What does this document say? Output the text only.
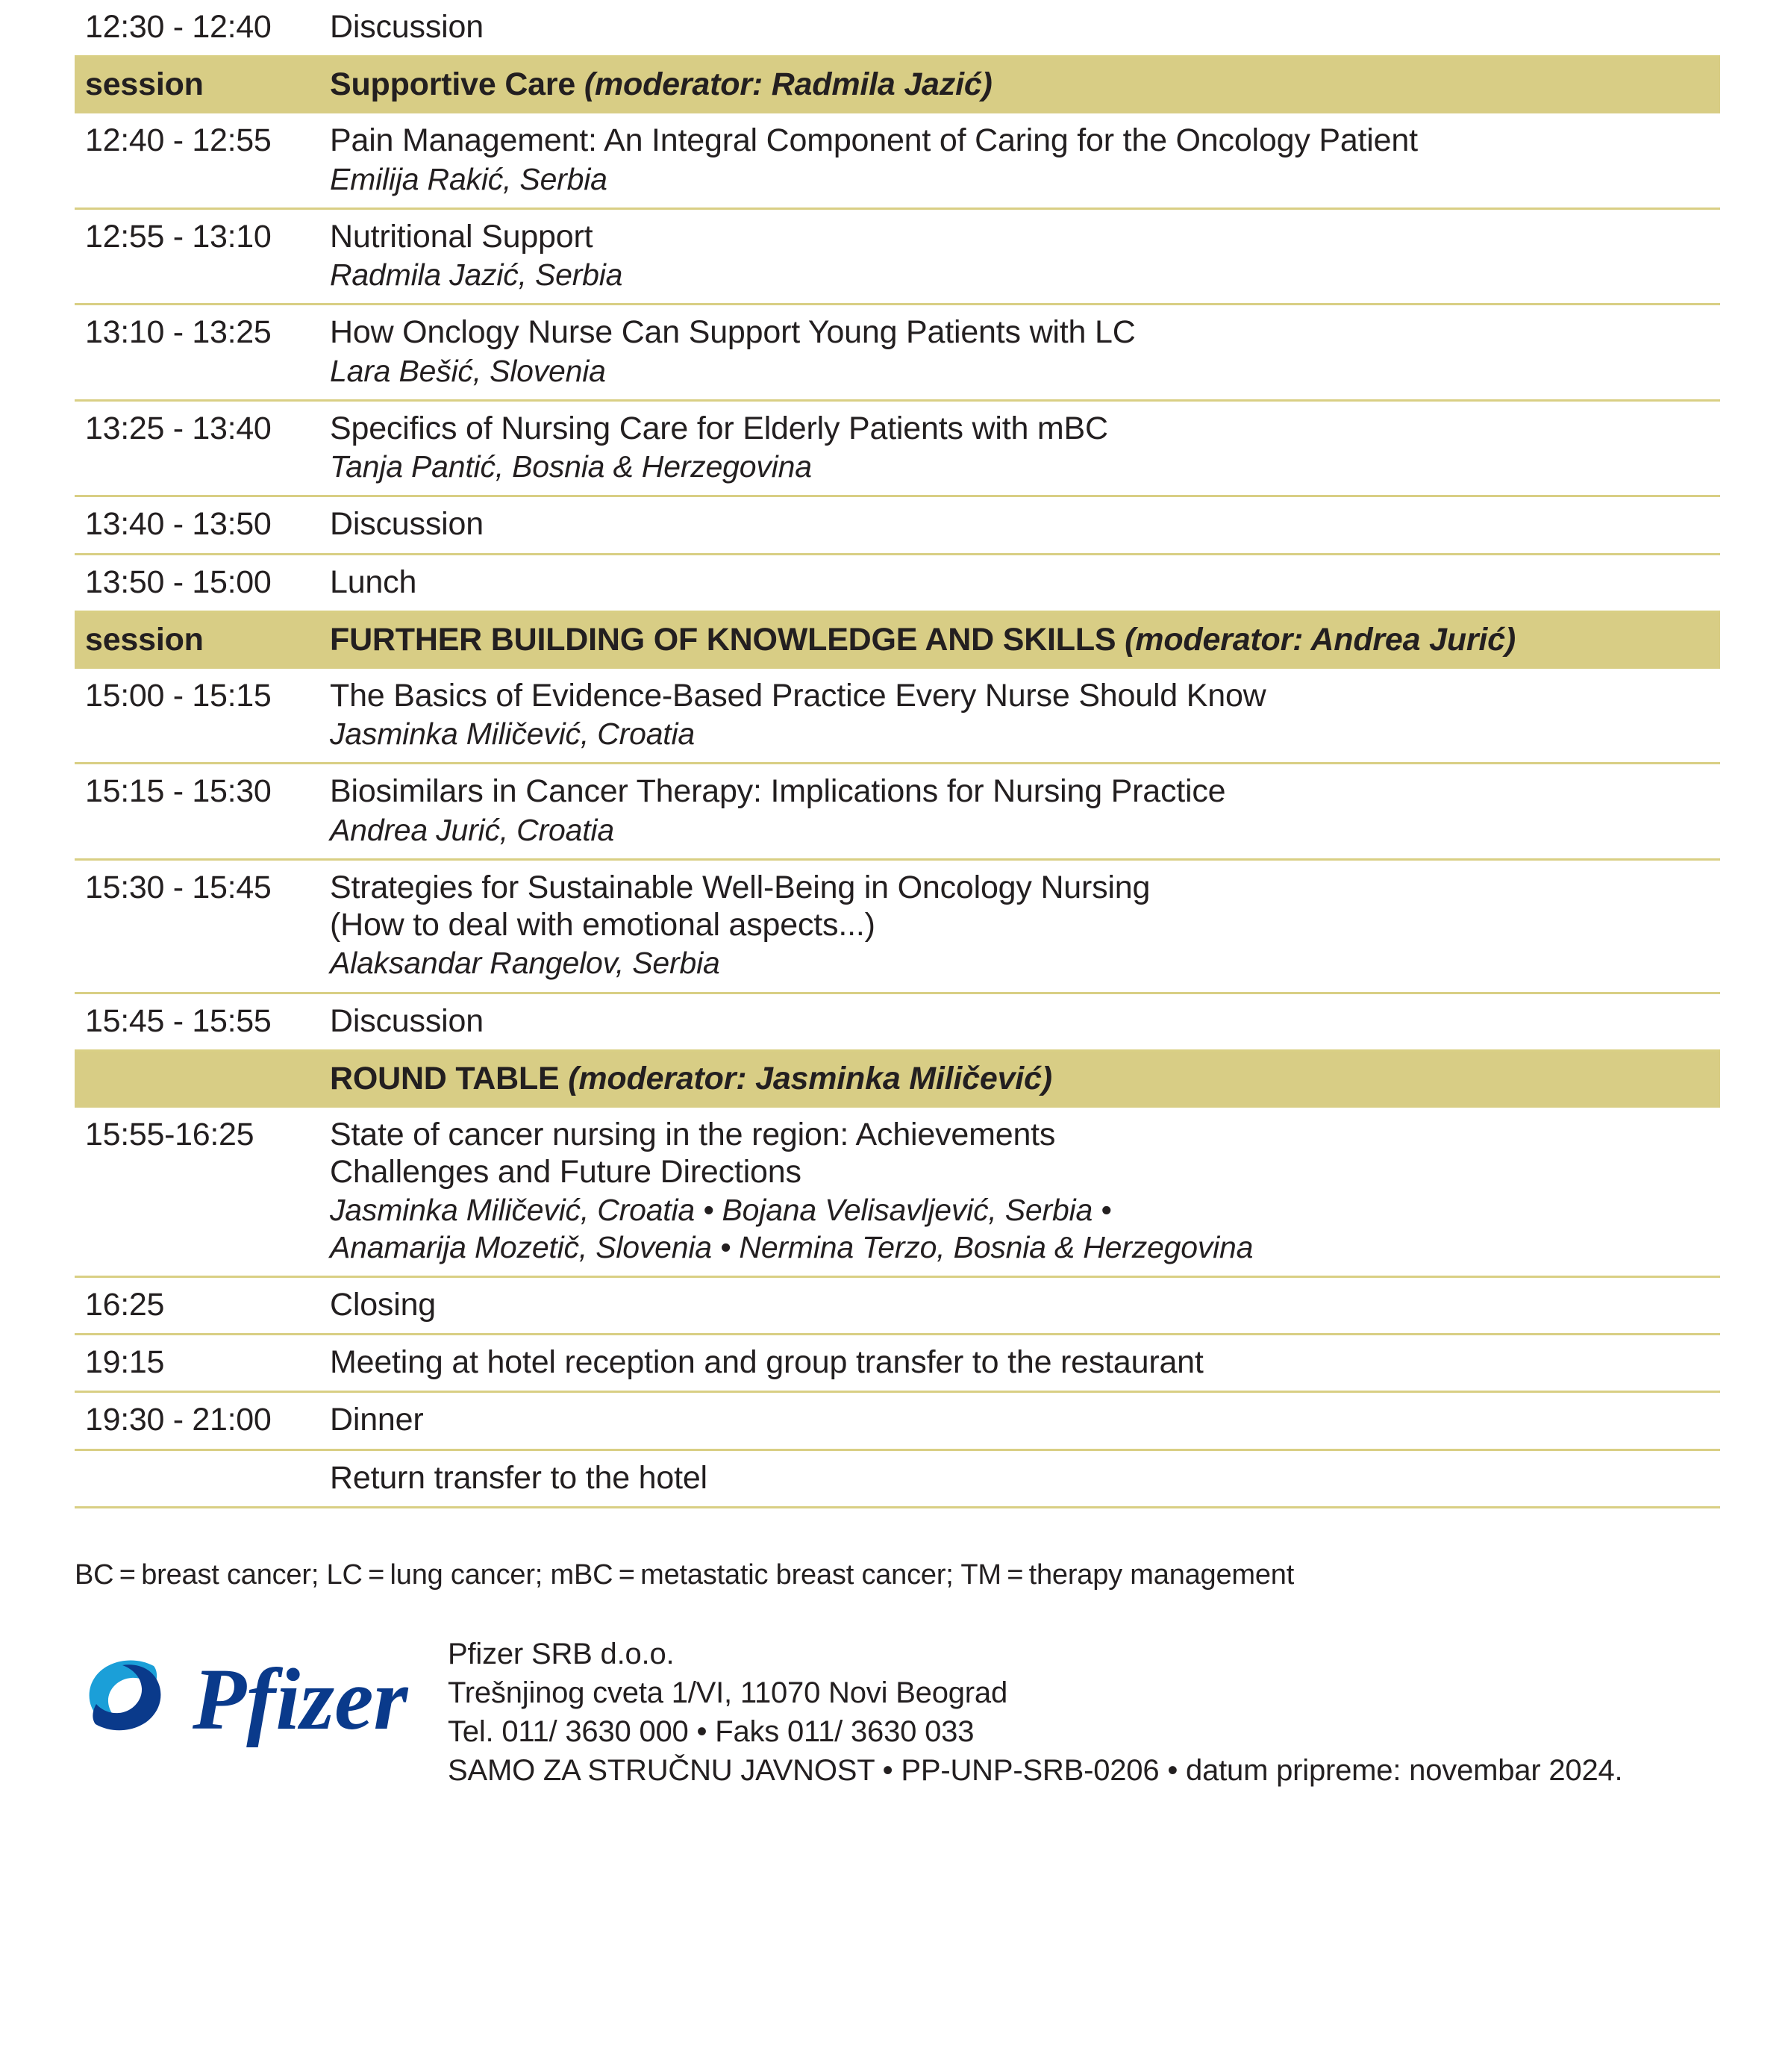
12:30 - 12:40	Discussion

session	Supportive Care (moderator: Radmila Jazić)

12:40 - 12:55	Pain Management: An Integral Component of Caring for the Oncology Patient
Emilija Rakić, Serbia

12:55 - 13:10	Nutritional Support
Radmila Jazić, Serbia

13:10 - 13:25	How Onclogy Nurse Can Support Young Patients with LC
Lara Bešić, Slovenia

13:25 - 13:40	Specifics of Nursing Care for Elderly Patients with mBC
Tanja Pantić, Bosnia & Herzegovina

13:40 - 13:50	Discussion

13:50 - 15:00	Lunch

session	FURTHER BUILDING OF KNOWLEDGE AND SKILLS (moderator: Andrea Jurić)

15:00 - 15:15	The Basics of Evidence-Based Practice Every Nurse Should Know
Jasminka Miličević, Croatia

15:15 - 15:30	Biosimilars in Cancer Therapy: Implications for Nursing Practice
Andrea Jurić, Croatia

15:30 - 15:45	Strategies for Sustainable Well-Being in Oncology Nursing
(How to deal with emotional aspects...)
Alaksandar Rangelov, Serbia

15:45 - 15:55	Discussion

	ROUND TABLE (moderator: Jasminka Miličević)

15:55-16:25	State of cancer nursing in the region: Achievements
Challenges and Future Directions
Jasminka Miličević, Croatia • Bojana Velisavljević, Serbia •
Anamarija Mozetič, Slovenia • Nermina Terzo, Bosnia & Herzegovina

16:25	Closing

19:15	Meeting at hotel reception and group transfer to the restaurant

19:30 - 21:00	Dinner

	Return transfer to the hotel
BC = breast cancer; LC = lung cancer; mBC = metastatic breast cancer; TM = therapy management
Pfizer Pfizer SRB d.o.o.
Trešnjinog cveta 1/VI, 11070 Novi Beograd
Tel. 011/ 3630 000 • Faks 011/ 3630 033
SAMO ZA STRUČNU JAVNOST • PP-UNP-SRB-0206 • datum pripreme: novembar 2024.
